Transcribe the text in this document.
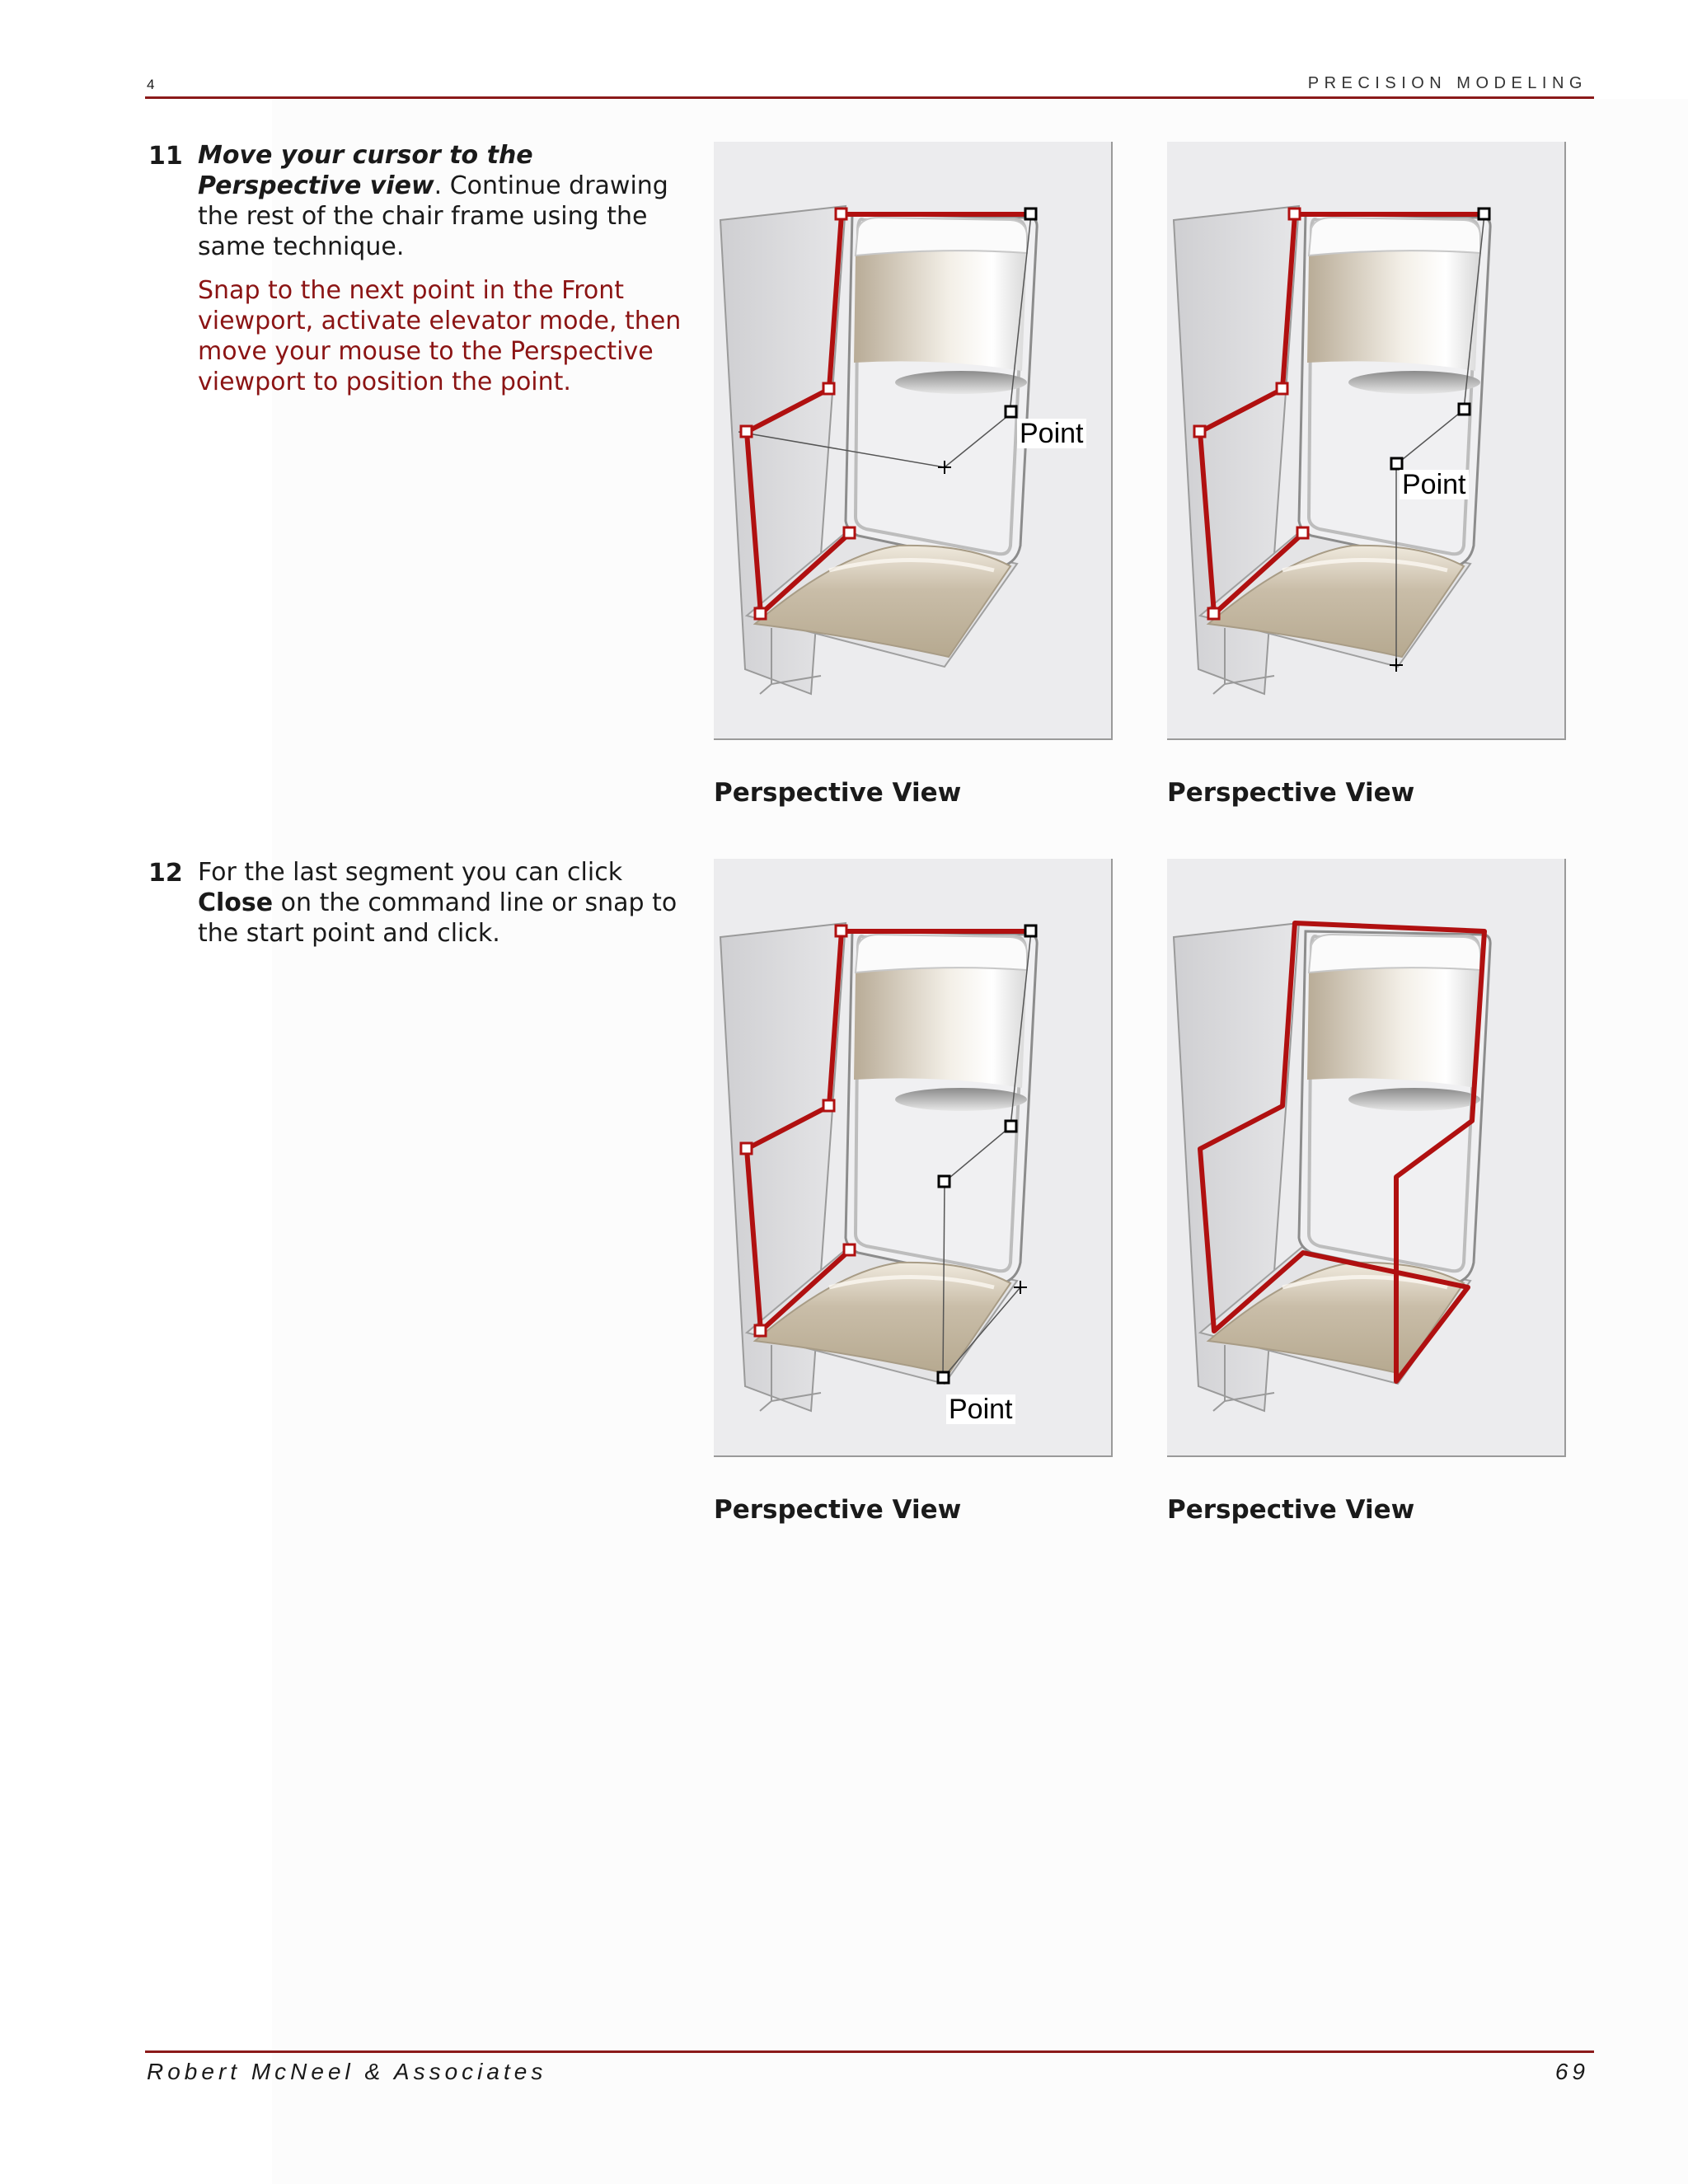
4	PRECISION MODELING
11 Move your cursor to the Perspective view. Continue drawing the rest of the chair frame using the same technique.

Snap to the next point in the Front viewport, activate elevator mode, then move your mouse to the Perspective viewport to position the point.

12 For the last segment you can click Close on the command line or snap to the start point and click.

Point
Perspective View
Point
Perspective View
Point
Perspective View	Perspective View
Robert McNeel & Associates	69
